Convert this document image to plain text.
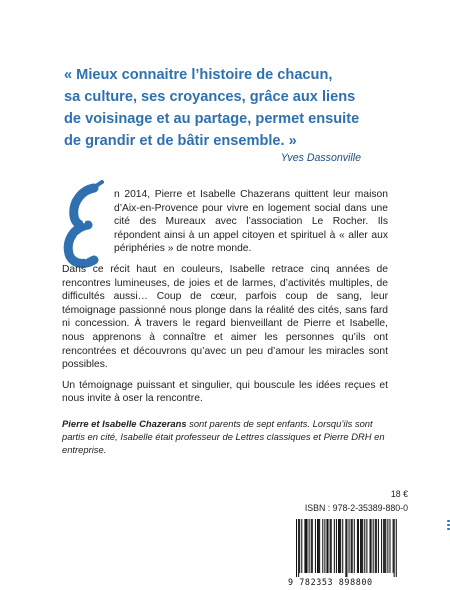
« Mieux connaitre l’histoire de chacun,

sa culture, ses croyances, grâce aux liens

de voisinage et au partage, permet ensuite

de grandir et de bâtir ensemble. »

Yves Dassonville

n 2014, Pierre et Isabelle Chazerans quittent leur maison d’Aix-en-Provence pour vivre en logement social dans une cité des Mureaux avec l’association Le Rocher. Ils répondent ainsi à un appel citoyen et spirituel à « aller aux périphéries » de notre monde.

Dans ce récit haut en couleurs, Isabelle retrace cinq années de rencontres lumineuses, de joies et de larmes, d’activités multiples, de difficultés aussi… Coup de cœur, parfois coup de sang, leur témoignage passionné nous plonge dans la réalité des cités, sans fard ni concession. À travers le regard bienveillant de Pierre et Isabelle, nous apprenons à connaître et aimer les personnes qu’ils ont rencontrées et découvrons qu’avec un peu d’amour les miracles sont possibles.

Un témoignage puissant et singulier, qui bouscule les idées reçues et nous invite à oser la rencontre.

Pierre et Isabelle Chazerans sont parents de sept enfants. Lorsqu’ils sont partis en cité, Isabelle était professeur de Lettres classiques et Pierre DRH en entreprise.
18 €
ISBN : 978-2-35389-880-0
9 782353 898800
